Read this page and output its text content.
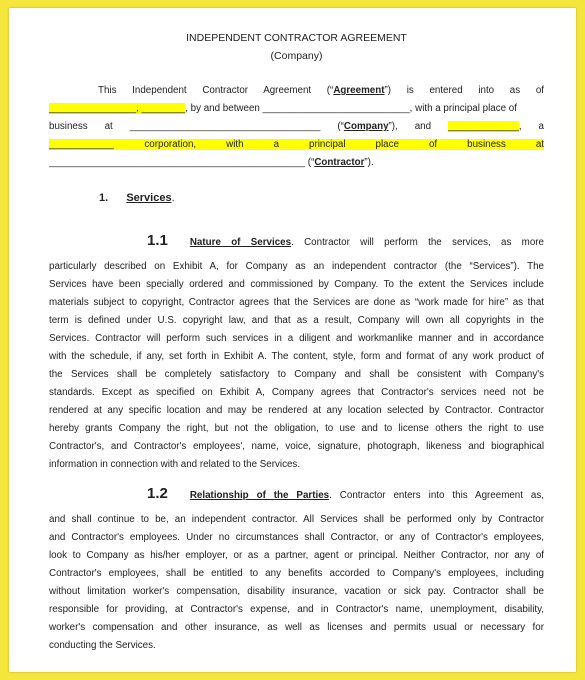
INDEPENDENT CONTRACTOR AGREEMENT
(Company)
This Independent Contractor Agreement (“Agreement”) is entered into as of
________________, ________, by and between ___________________________, with a principal place of
business at ___________________________________ (“Company”), and _____________, a
____________ corporation, with a principal place of business at
_______________________________________________ (“Contractor”).
1. Services.
1.1 Nature of Services. Contractor will perform the services, as more
particularly described on Exhibit A, for Company as an independent contractor (the “Services”). The
Services have been specially ordered and commissioned by Company. To the extent the Services include
materials subject to copyright, Contractor agrees that the Services are done as “work made for hire” as that
term is defined under U.S. copyright law, and that as a result, Company will own all copyrights in the
Services. Contractor will perform such services in a diligent and workmanlike manner and in accordance
with the schedule, if any, set forth in Exhibit A. The content, style, form and format of any work product of
the Services shall be completely satisfactory to Company and shall be consistent with Company's
standards. Except as specified on Exhibit A, Company agrees that Contractor's services need not be
rendered at any specific location and may be rendered at any location selected by Contractor. Contractor
hereby grants Company the right, but not the obligation, to use and to license others the right to use
Contractor's, and Contractor's employees', name, voice, signature, photograph, likeness and biographical
information in connection with and related to the Services.
1.2 Relationship of the Parties. Contractor enters into this Agreement as,
and shall continue to be, an independent contractor. All Services shall be performed only by Contractor
and Contractor's employees. Under no circumstances shall Contractor, or any of Contractor's employees,
look to Company as his/her employer, or as a partner, agent or principal. Neither Contractor, nor any of
Contractor's employees, shall be entitled to any benefits accorded to Company's employees, including
without limitation worker's compensation, disability insurance, vacation or sick pay. Contractor shall be
responsible for providing, at Contractor's expense, and in Contractor's name, unemployment, disability,
worker's compensation and other insurance, as well as licenses and permits usual or necessary for
conducting the Services.
